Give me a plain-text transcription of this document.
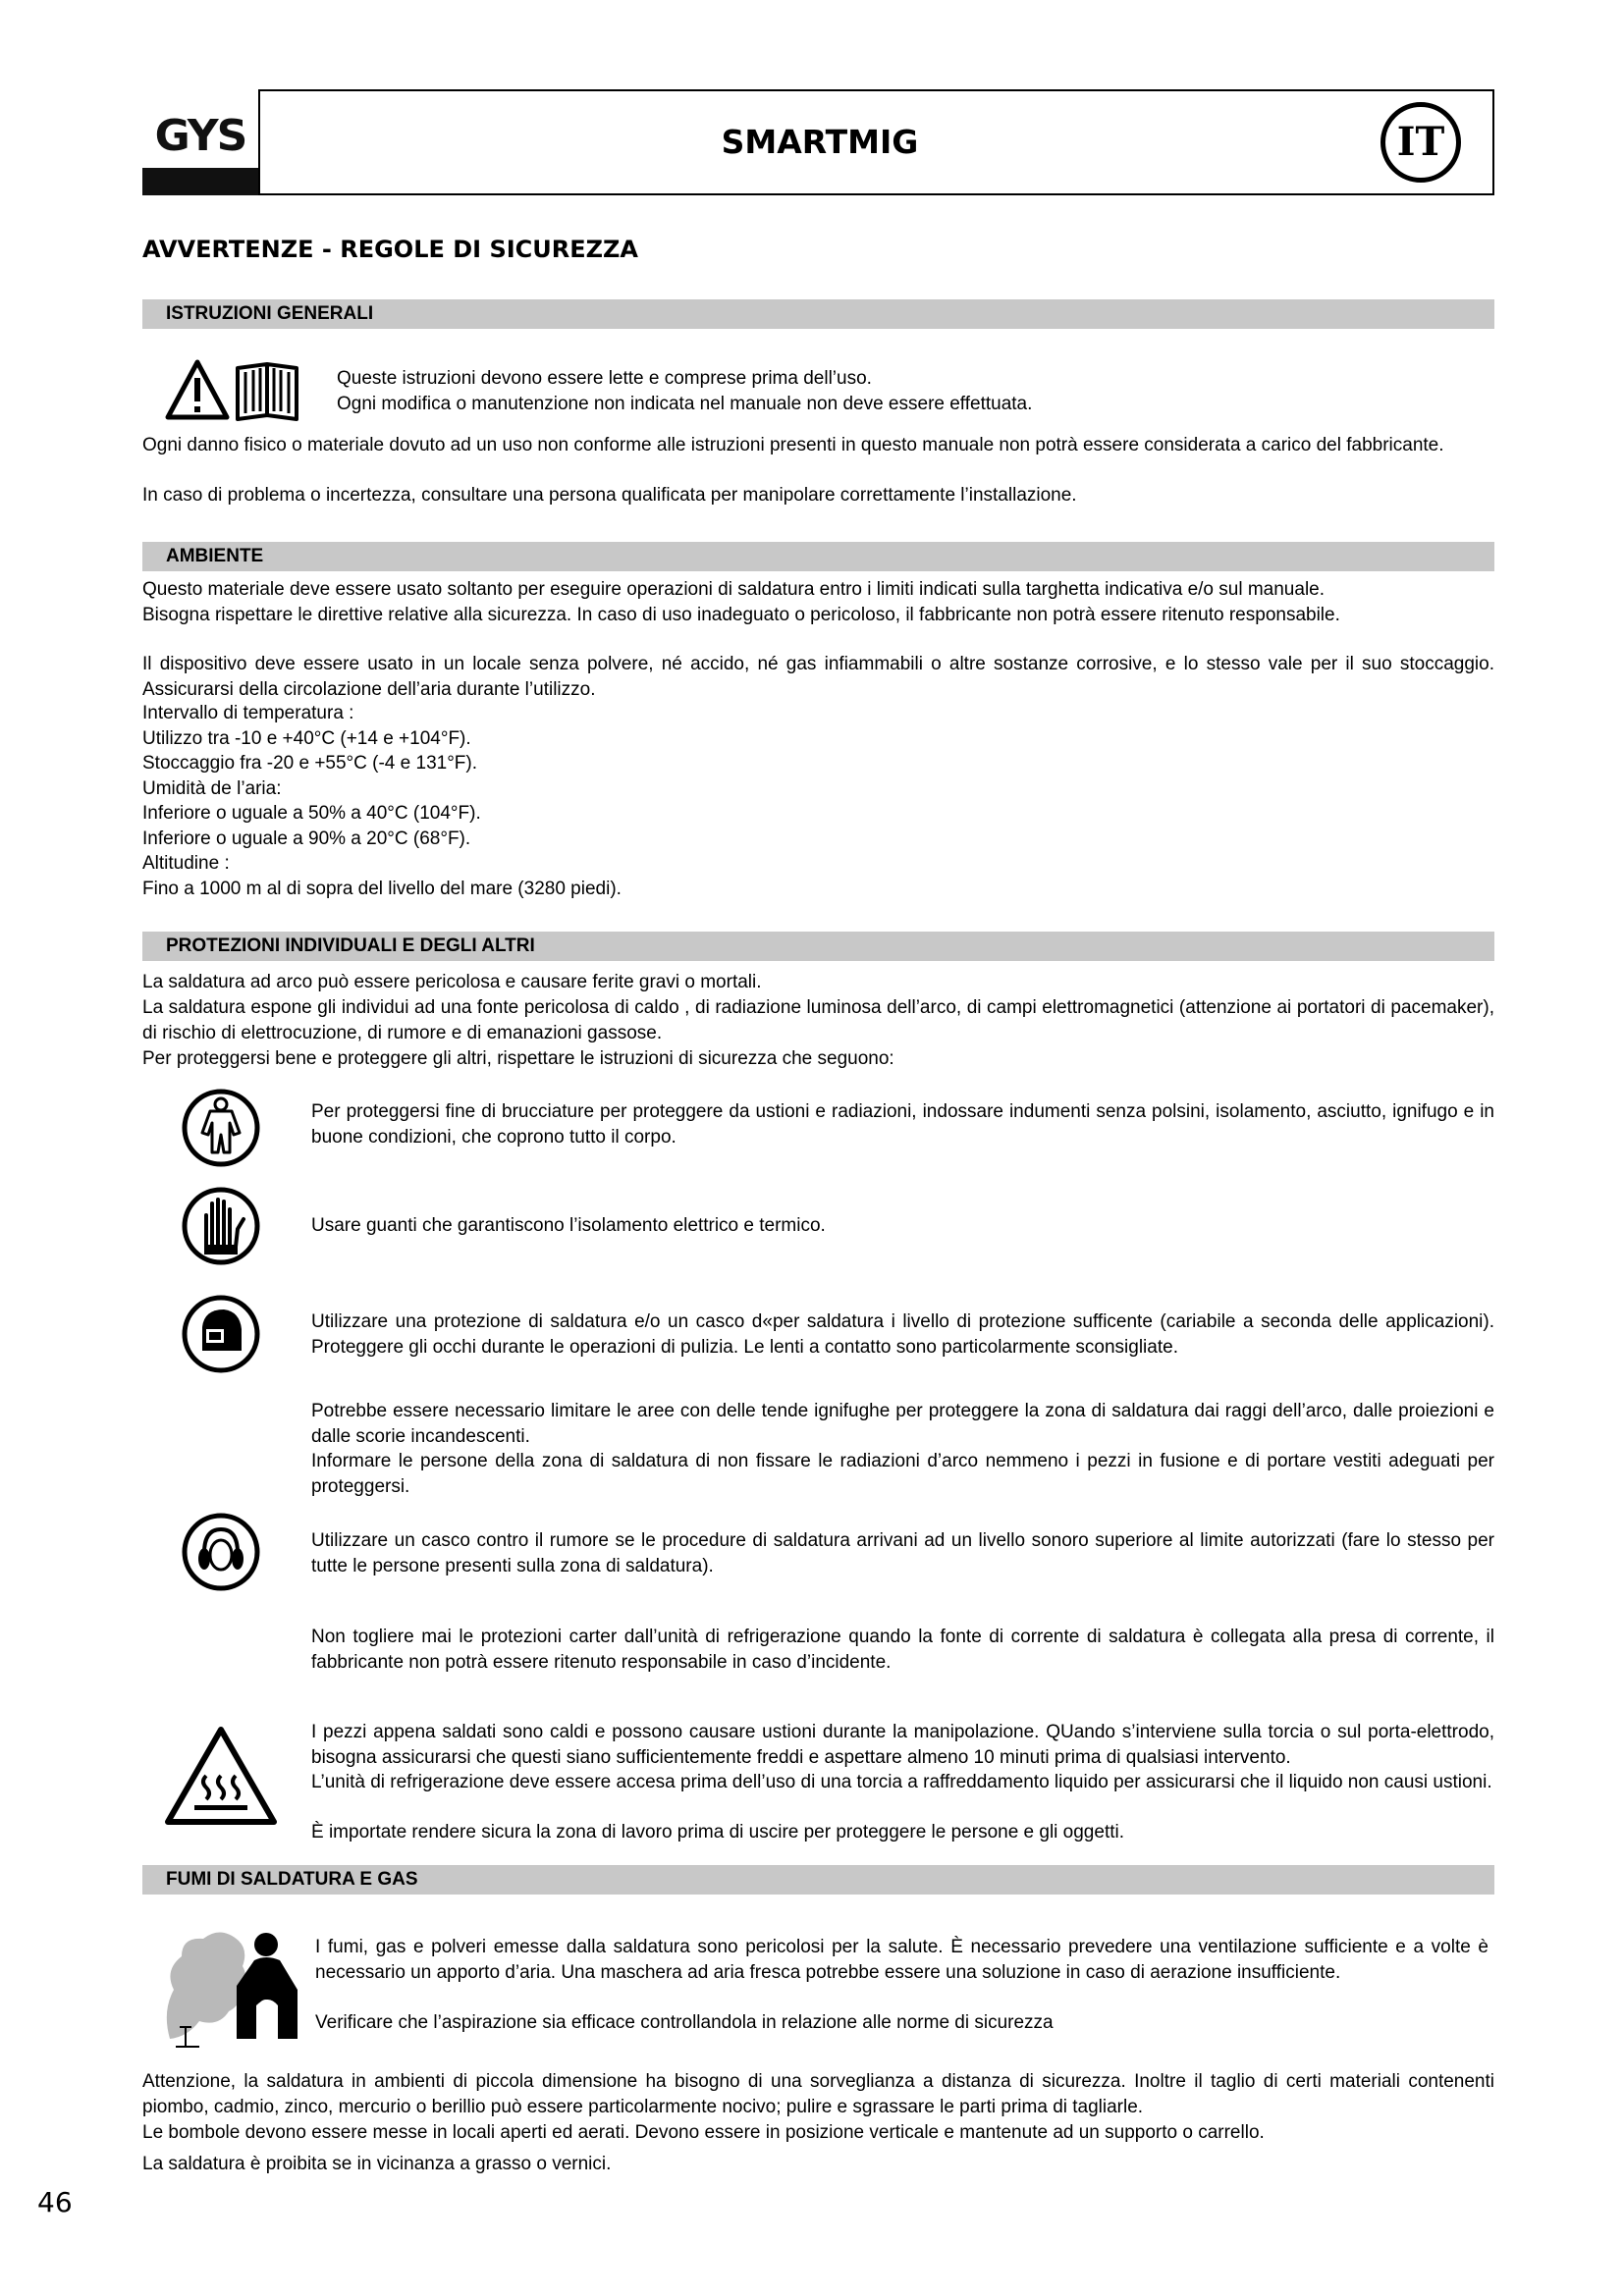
GYS	SMARTMIG	IT
AVVERTENZE - REGOLE DI SICUREZZA
ISTRUZIONI GENERALI

Queste istruzioni devono essere lette e comprese prima dell’uso.

Ogni modifica o manutenzione non indicata nel manuale non deve essere effettuata.

Ogni danno fisico o materiale dovuto ad un uso non conforme alle istruzioni presenti in questo manuale non potrà essere considerata a carico del fabbricante.

In caso di problema o incertezza, consultare una persona qualificata per manipolare correttamente l’installazione.

AMBIENTE

Questo materiale deve essere usato soltanto per eseguire operazioni di saldatura entro i limiti indicati sulla targhetta indicativa e/o sul manuale.

Bisogna rispettare le direttive relative alla sicurezza. In caso di uso inadeguato o pericoloso, il fabbricante non potrà essere ritenuto responsabile.

Il dispositivo deve essere usato in un locale senza polvere, né accido, né gas infiammabili o altre sostanze corrosive, e lo stesso vale per il suo stoccaggio. Assicurarsi della circolazione dell’aria durante l’utilizzo.

Intervallo di temperatura :

Utilizzo tra -10 e +40°C (+14 e +104°F).

Stoccaggio fra -20 e +55°C (-4 e 131°F).

Umidità de l’aria:

Inferiore o uguale a 50% a 40°C (104°F).

Inferiore o uguale a 90% a 20°C (68°F).

Altitudine :

Fino a 1000 m al di sopra del livello del mare (3280 piedi).

PROTEZIONI INDIVIDUALI E DEGLI ALTRI

La saldatura ad arco può essere pericolosa e causare ferite gravi o mortali.

La saldatura espone gli individui ad una fonte pericolosa di caldo , di radiazione luminosa dell’arco, di campi elettromagnetici (attenzione ai portatori di pacemaker), di rischio di elettrocuzione, di rumore e di emanazioni gassose.

Per proteggersi bene e proteggere gli altri, rispettare le istruzioni di sicurezza che seguono:

Per proteggersi fine di brucciature per proteggere da ustioni e radiazioni, indossare indumenti senza polsini, isolamento, asciutto, ignifugo e in buone condizioni, che coprono tutto il corpo.

Usare guanti che garantiscono l’isolamento elettrico e termico.

Utilizzare una protezione di saldatura e/o un casco d«per saldatura i livello di protezione sufficente (cariabile a seconda delle applicazioni). Proteggere gli occhi durante le operazioni di pulizia. Le lenti a contatto sono particolarmente sconsigliate.

Potrebbe essere necessario limitare le aree con delle tende ignifughe per proteggere la zona di saldatura dai raggi dell’arco, dalle proiezioni e dalle scorie incandescenti.

Informare le persone della zona di saldatura di non fissare le radiazioni d’arco nemmeno i pezzi in fusione e di portare vestiti adeguati per proteggersi.

Utilizzare un casco contro il rumore se le procedure di saldatura arrivani ad un livello sonoro superiore al limite autorizzati (fare lo stesso per tutte le persone presenti sulla zona di saldatura).

Non togliere mai le protezioni carter dall’unità di refrigerazione quando la fonte di corrente di saldatura è collegata alla presa di corrente, il fabbricante non potrà essere ritenuto responsabile in caso d’incidente.

I pezzi appena saldati sono caldi e possono causare ustioni durante la manipolazione. QUando s’interviene sulla torcia o sul porta-elettrodo, bisogna assicurarsi che questi siano sufficientemente freddi e aspettare almeno 10 minuti prima di qualsiasi intervento.

L’unità di refrigerazione deve essere accesa prima dell’uso di una torcia a raffreddamento liquido per assicurarsi che il liquido non causi ustioni.

È importate rendere sicura la zona di lavoro prima di uscire per proteggere le persone e gli oggetti.

FUMI DI SALDATURA E GAS

I fumi, gas e polveri emesse dalla saldatura sono pericolosi per la salute. È necessario prevedere una ventilazione sufficiente e a volte è necessario un apporto d’aria. Una maschera ad aria fresca potrebbe essere una soluzione in caso di aerazione insufficiente.

Verificare che l’aspirazione sia efficace controllandola in relazione alle norme di sicurezza

Attenzione, la saldatura in ambienti di piccola dimensione ha bisogno di una sorveglianza a distanza di sicurezza. Inoltre il taglio di certi materiali contenenti piombo, cadmio, zinco, mercurio o berillio può essere particolarmente nocivo; pulire e sgrassare le parti prima di tagliarle.

Le bombole devono essere messe in locali aperti ed aerati. Devono essere in posizione verticale e mantenute ad un supporto o carrello.

La saldatura è proibita se in vicinanza a grasso o vernici.

46
